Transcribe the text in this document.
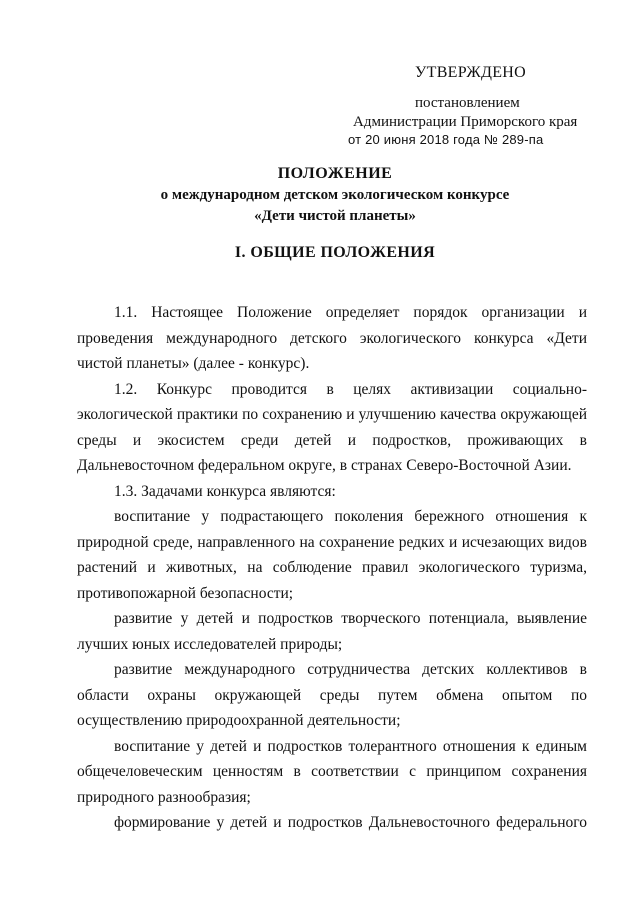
УТВЕРЖДЕНО
постановлением
Администрации Приморского края
от 20 июня 2018 года № 289-па
ПОЛОЖЕНИЕ
о международном детском экологическом конкурсе
«Дети чистой планеты»
I. ОБЩИЕ ПОЛОЖЕНИЯ

1.1. Настоящее Положение определяет порядок организации и проведения международного детского экологического конкурса «Дети чистой планеты» (далее - конкурс).

1.2. Конкурс проводится в целях активизации социально-экологической практики по сохранению и улучшению качества окружающей среды и экосистем среди детей и подростков, проживающих в Дальневосточном федеральном округе, в странах Северо-Восточной Азии.

1.3. Задачами конкурса являются:

воспитание у подрастающего поколения бережного отношения к природной среде, направленного на сохранение редких и исчезающих видов растений и животных, на соблюдение правил экологического туризма, противопожарной безопасности;

развитие у детей и подростков творческого потенциала, выявление лучших юных исследователей природы;

развитие международного сотрудничества детских коллективов в области охраны окружающей среды путем обмена опытом по осуществлению природоохранной деятельности;

воспитание у детей и подростков толерантного отношения к единым общечеловеческим ценностям в соответствии с принципом сохранения природного разнообразия;

формирование у детей и подростков Дальневосточного федерального
